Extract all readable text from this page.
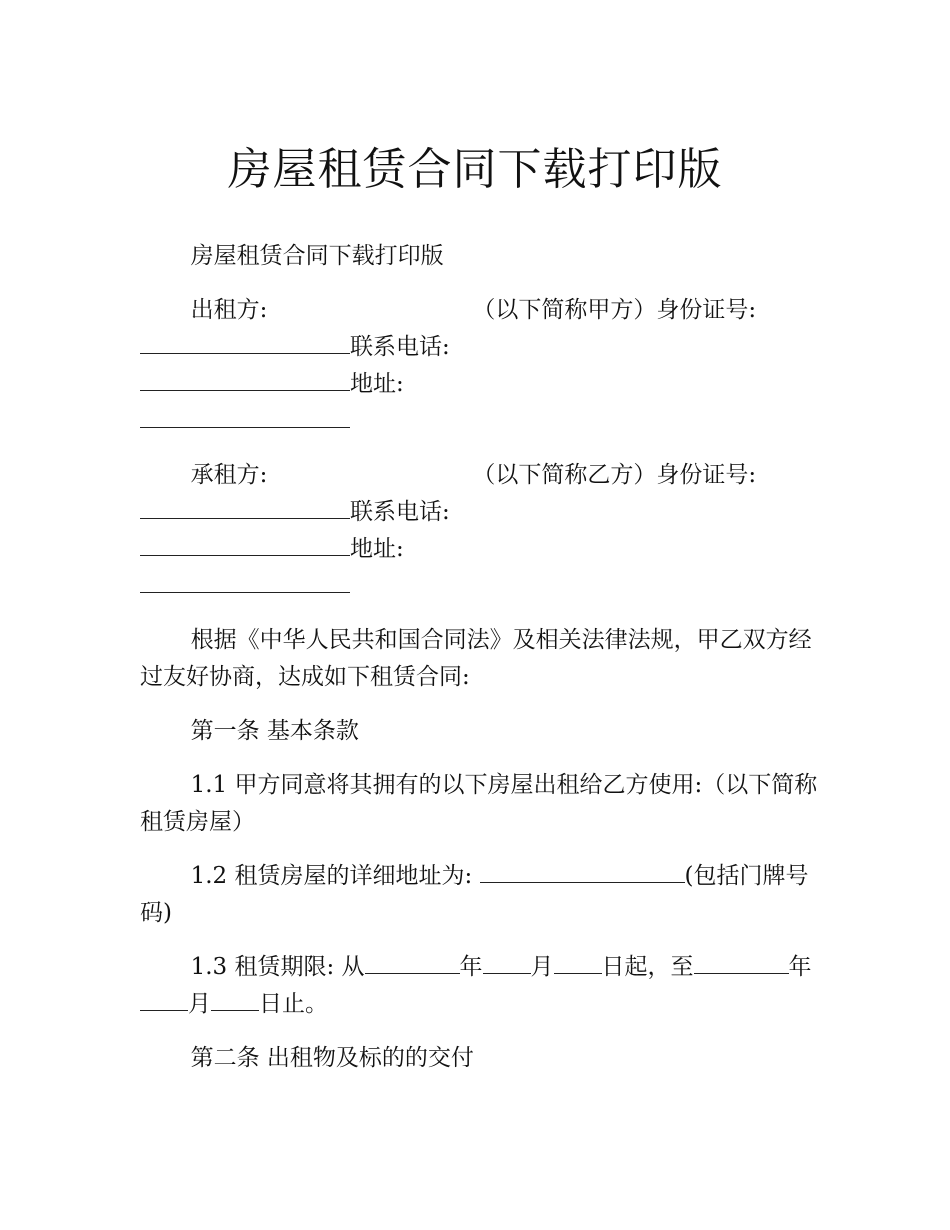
房屋租赁合同下载打印版

房屋租赁合同下载打印版

出租方:	（以下简称甲方）身份证号:

联系电话:

地址:

承租方:	（以下简称乙方）身份证号:

联系电话:

地址:

根据《中华人民共和国合同法》及相关法律法规，甲乙双方经过友好协商，达成如下租赁合同:

第一条 基本条款

1.1 甲方同意将其拥有的以下房屋出租给乙方使用:（以下简称租赁房屋）

1.2 租赁房屋的详细地址为:	(包括门牌号码)

1.3 租赁期限: 从	年 月 日起，至	年月 日止。

第二条 出租物及标的的交付
